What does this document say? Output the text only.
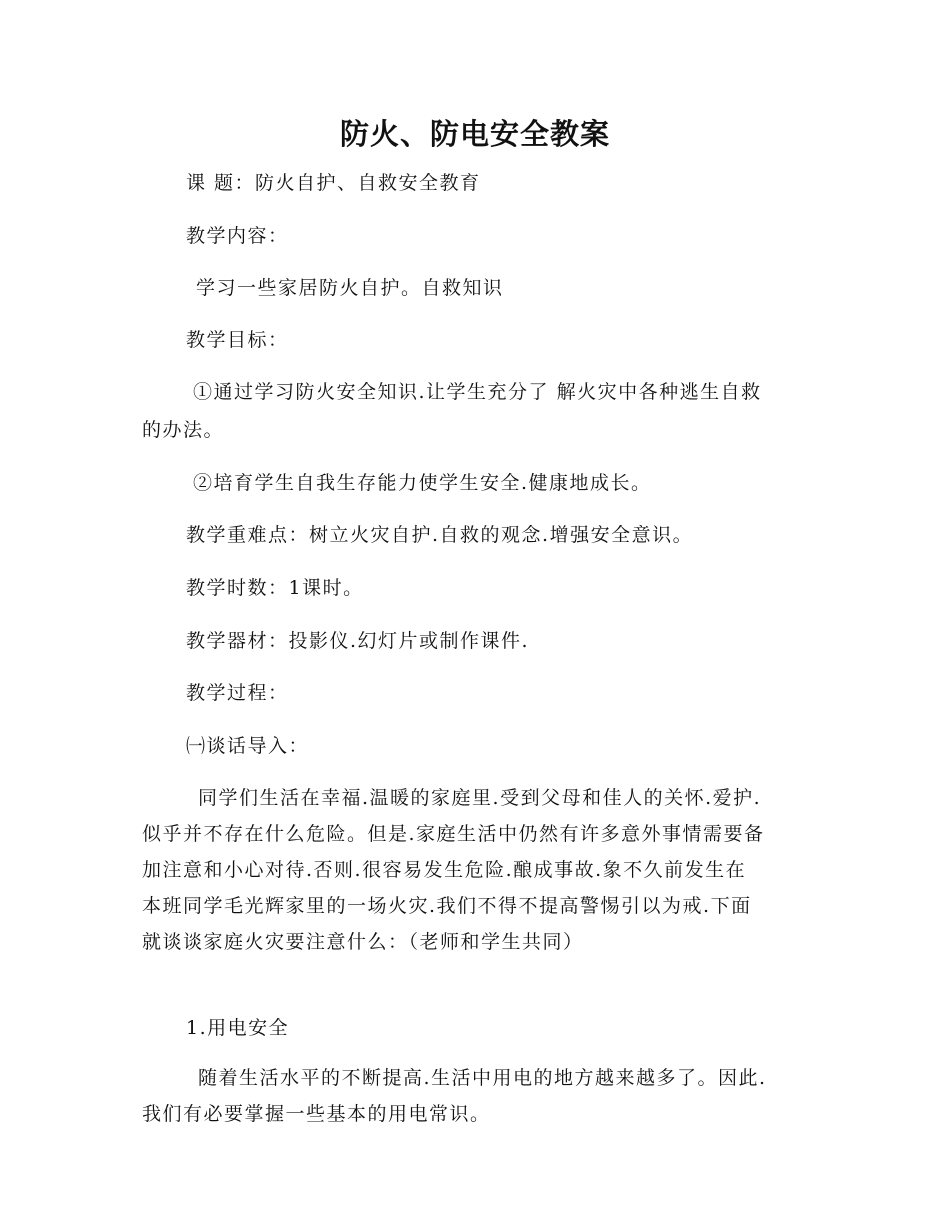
防火、防电安全教案

课 题：防火自护、自救安全教育

教学内容：

学习一些家居防火自护。自救知识

教学目标：

①通过学习防火安全知识.让学生充分了 解火灾中各种逃生自救

的办法。

②培育学生自我生存能力使学生安全.健康地成长。

教学重难点：树立火灾自护.自救的观念.增强安全意识。

教学时数：1课时。

教学器材：投影仪.幻灯片或制作课件.

教学过程：

㈠谈话导入：

同学们生活在幸福.温暖的家庭里.受到父母和佳人的关怀.爱护.
似乎并不存在什么危险。但是.家庭生活中仍然有许多意外事情需要备
加注意和小心对待.否则.很容易发生危险.酿成事故.象不久前发生在
本班同学毛光辉家里的一场火灾.我们不得不提高警惕引以为戒.下面
就谈谈家庭火灾要注意什么：（老师和学生共同）

1.用电安全

随着生活水平的不断提高.生活中用电的地方越来越多了。因此.
我们有必要掌握一些基本的用电常识。
